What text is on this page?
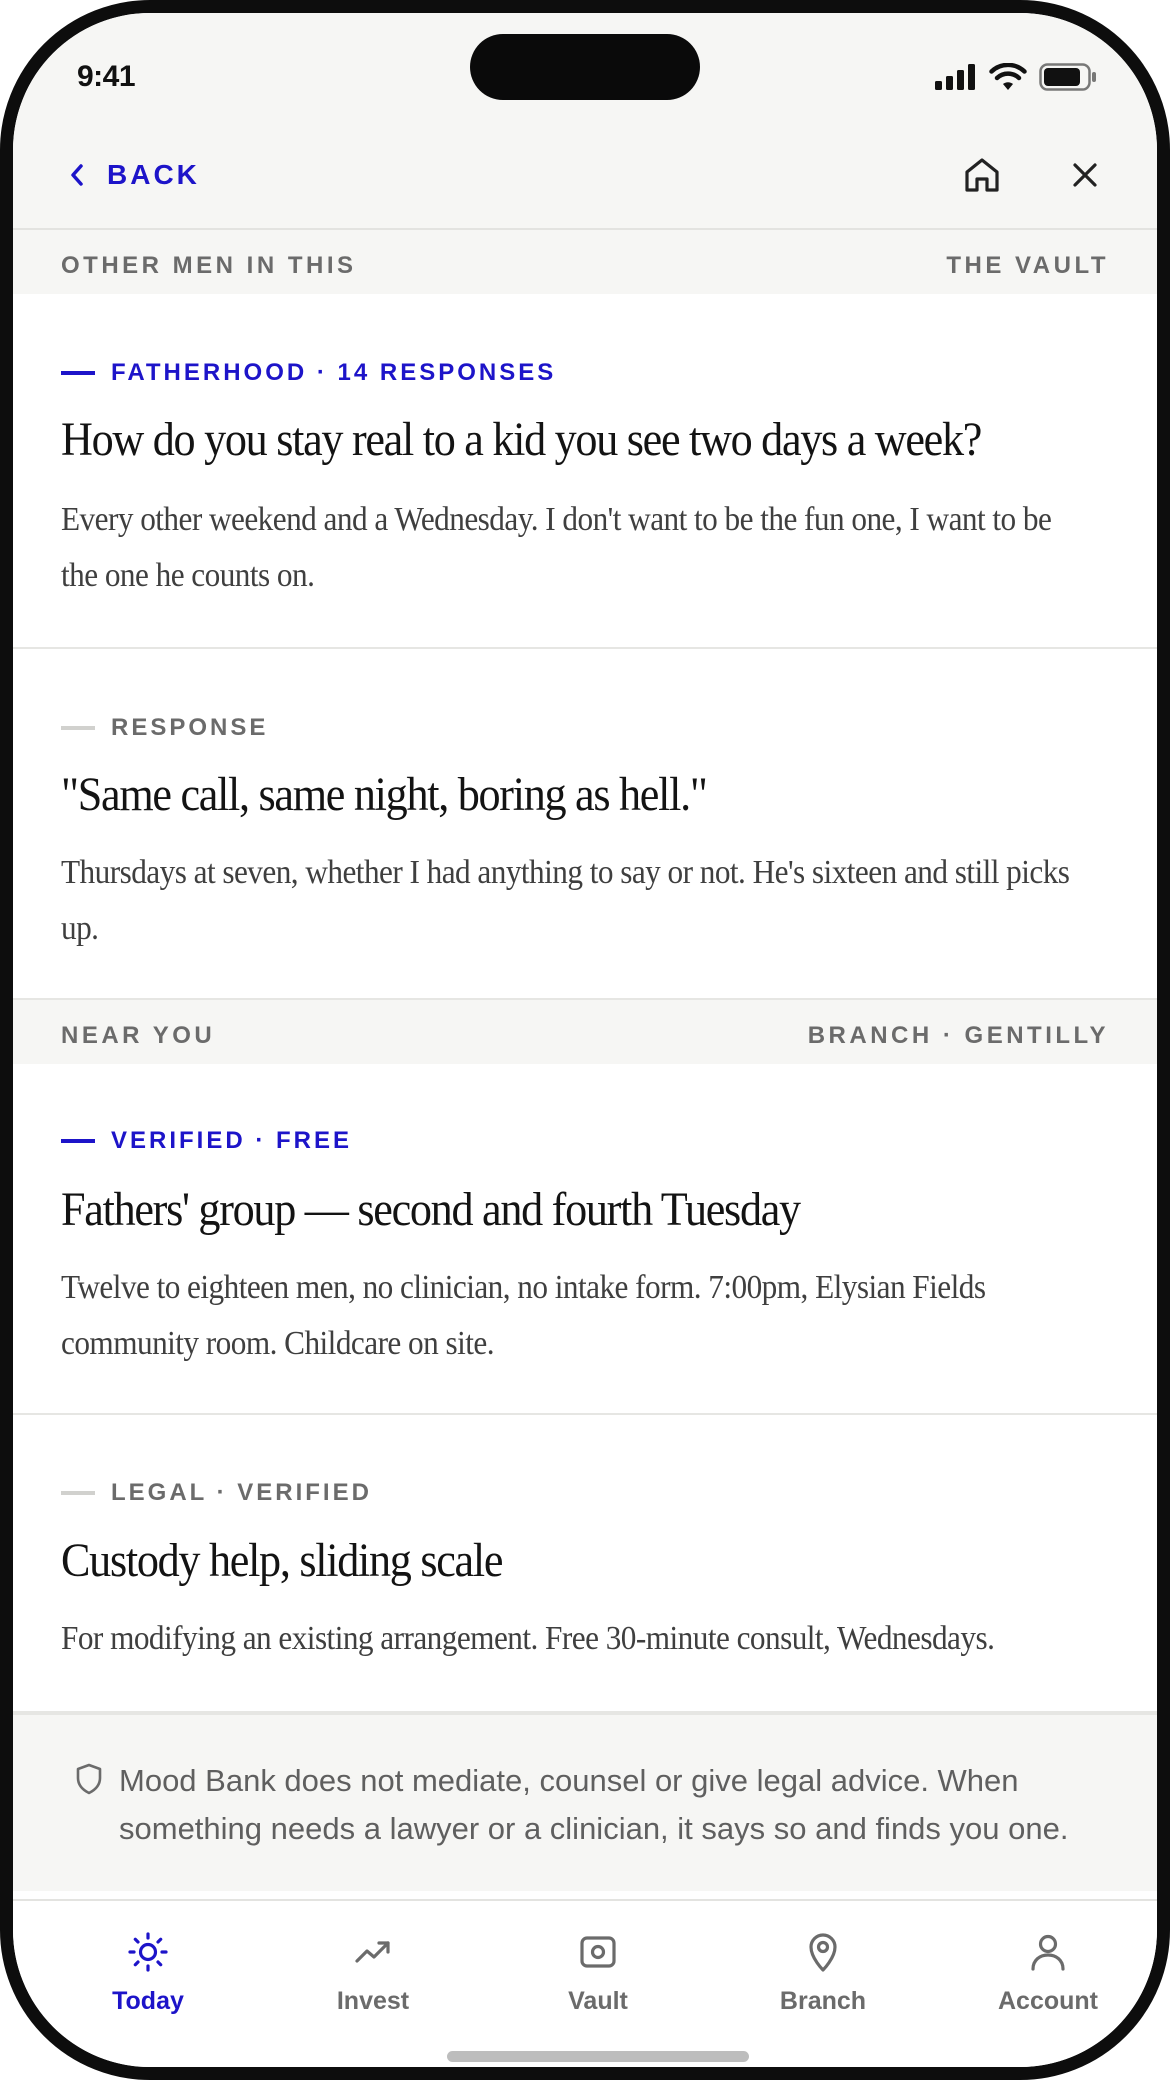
9:41
BACK
OTHER MEN IN THIS	THE VAULT
FATHERHOOD · 14 RESPONSES
How do you stay real to a kid you see two days a week?
Every other weekend and a Wednesday. I don't want to be the fun one, I want to be
the one he counts on.
RESPONSE
"Same call, same night, boring as hell."
Thursdays at seven, whether I had anything to say or not. He's sixteen and still picks
up.
NEAR YOU	BRANCH · GENTILLY
VERIFIED · FREE
Fathers' group — second and fourth Tuesday
Twelve to eighteen men, no clinician, no intake form. 7:00pm, Elysian Fields
community room. Childcare on site.
LEGAL · VERIFIED
Custody help, sliding scale
For modifying an existing arrangement. Free 30-minute consult, Wednesdays.
Mood Bank does not mediate, counsel or give legal advice. When
something needs a lawyer or a clinician, it says so and finds you one.
Today	Invest	Vault	Branch	Account
